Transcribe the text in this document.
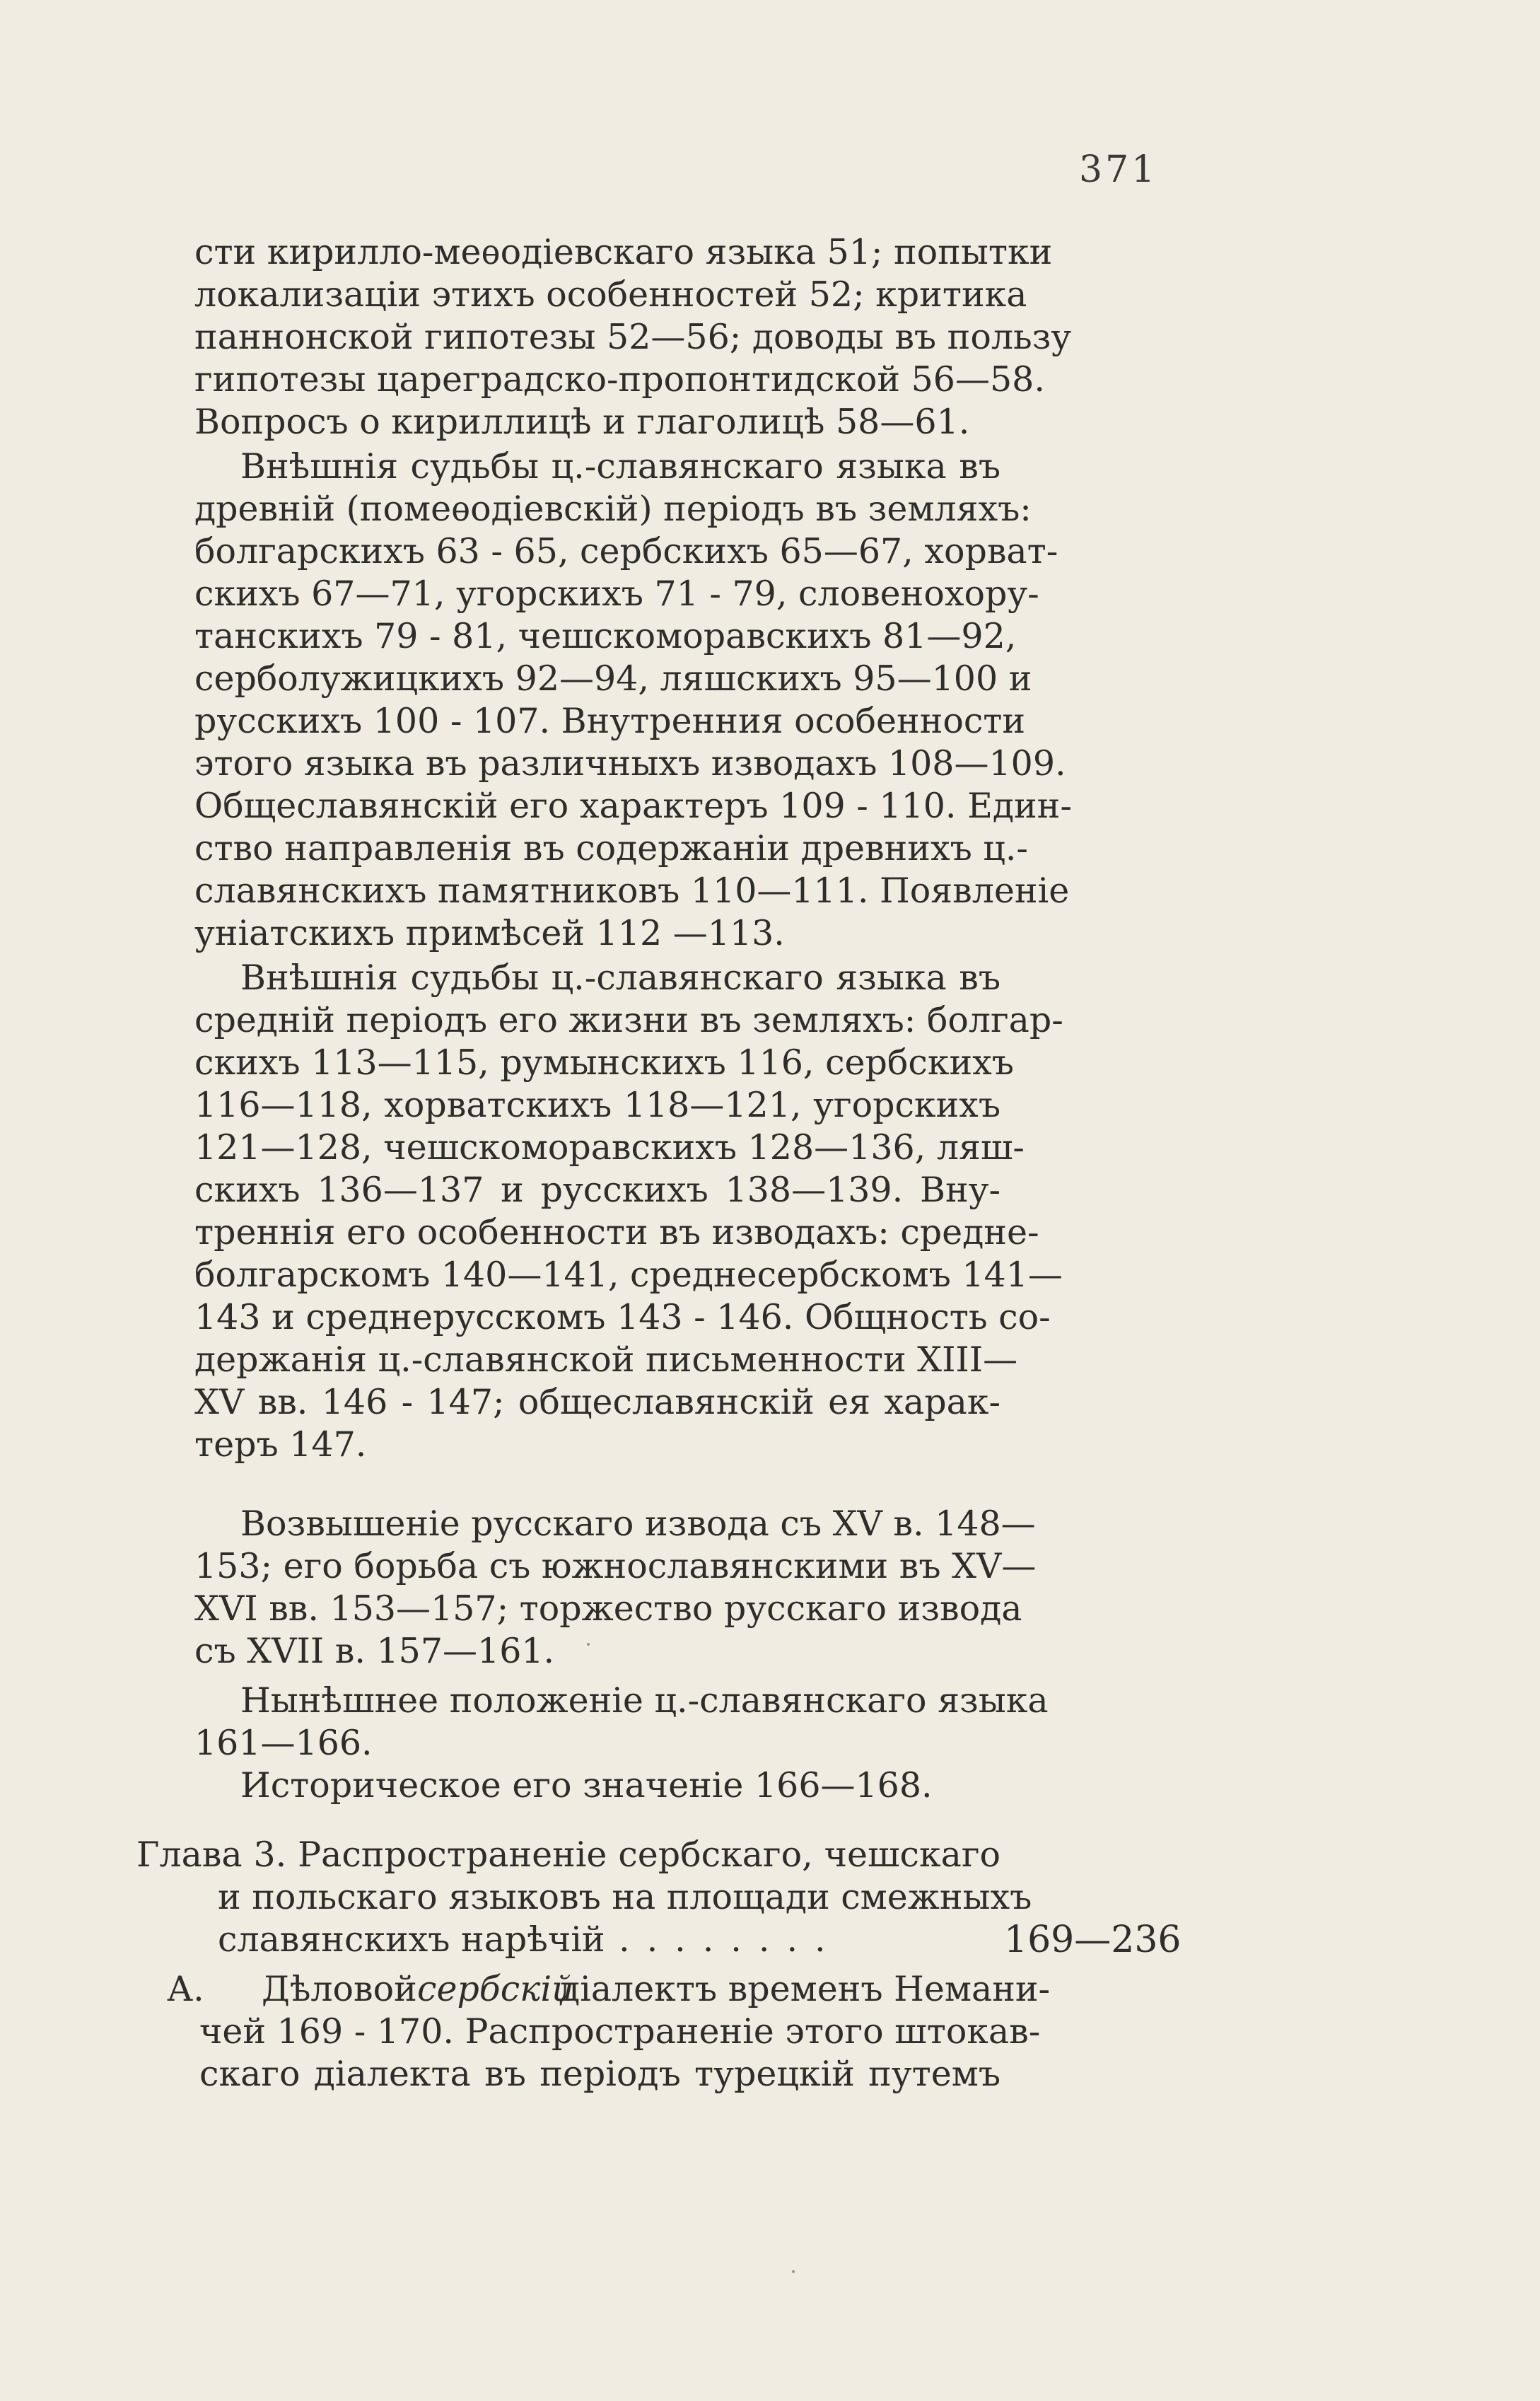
371
сти кирилло-меѳодіевскаго языка 51; попытки
локализаціи этихъ особенностей 52; критика
паннонской гипотезы 52—56; доводы въ пользу
гипотезы цареградско-пропонтидской 56—58.
Вопросъ о кириллицѣ и глаголицѣ 58—61.
Внѣшнія судьбы ц.-славянскаго языка въ
древній (помеѳодіевскій) періодъ въ земляхъ:
болгарскихъ 63 - 65, сербскихъ 65—67, хорват-
скихъ 67—71, угорскихъ 71 - 79, словенохору-
танскихъ 79 - 81, чешскоморавскихъ 81—92,
серболужицкихъ 92—94, ляшскихъ 95—100 и
русскихъ 100 - 107. Внутренния особенности
этого языка въ различныхъ изводахъ 108—109.
Общеславянскій его характеръ 109 - 110. Един-
ство направленія въ содержаніи древнихъ ц.-
славянскихъ памятниковъ 110—111. Появленіе
уніатскихъ примѣсей 112 —113.
Внѣшнія судьбы ц.-славянскаго языка въ
средній періодъ его жизни въ земляхъ: болгар-
скихъ 113—115, румынскихъ 116, сербскихъ
116—118, хорватскихъ 118—121, угорскихъ
121—128, чешскоморавскихъ 128—136, ляш-
скихъ 136—137 и русскихъ 138—139. Вну-
треннія его особенности въ изводахъ: средне-
болгарскомъ 140—141, среднесербскомъ 141—
143 и среднерусскомъ 143 - 146. Общность со-
держанія ц.-славянской письменности XIII—
XV вв. 146 - 147; общеславянскій ея харак-
теръ 147.
Возвышеніе русскаго извода съ XV в. 148—
153; его борьба съ южнославянскими въ XV—
XVI вв. 153—157; торжество русскаго извода
съ XVII в. 157—161.
Нынѣшнее положеніе ц.-славянскаго языка
161—166.
Историческое его значеніе 166—168.
Глава 3. Распространеніе сербскаго, чешскаго
и польскаго языковъ на площади смежныхъ
славянскихъ нарѣчій ........	169—236
А. Дѣловой сербскій
діалектъ временъ Немани-
чей 169 - 170. Распространеніе этого штокав-
скаго діалекта въ періодъ турецкій путемъ
